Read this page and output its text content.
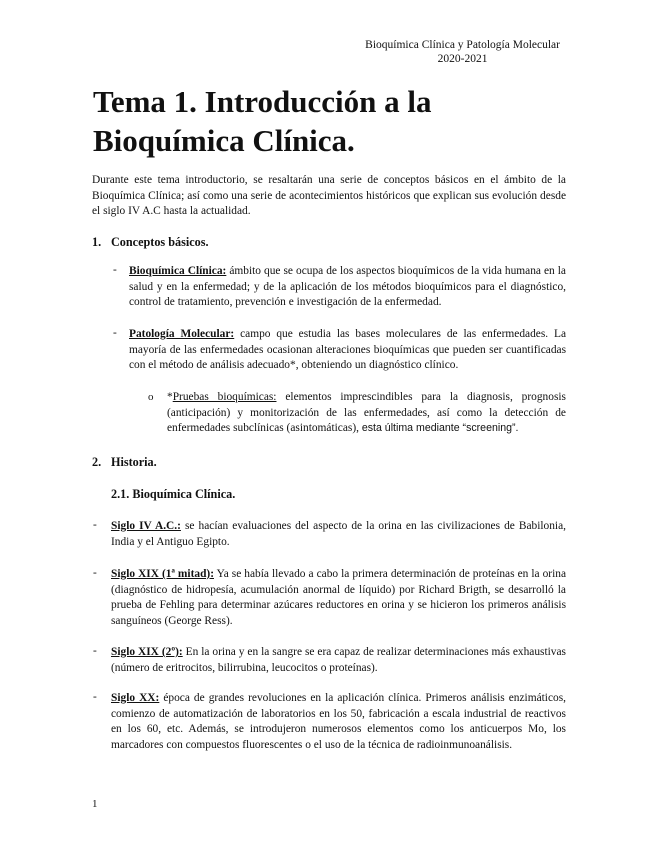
Bioquímica Clínica y Patología Molecular
2020-2021
Tema 1. Introducción a la Bioquímica Clínica.
Durante este tema introductorio, se resaltarán una serie de conceptos básicos en el ámbito de la Bioquímica Clínica; así como una serie de acontecimientos históricos que explican sus evolución desde el siglo IV A.C hasta la actualidad.
1. Conceptos básicos.
- Bioquímica Clínica: ámbito que se ocupa de los aspectos bioquímicos de la vida humana en la salud y en la enfermedad; y de la aplicación de los métodos bioquímicos para el diagnóstico, control de tratamiento, prevención e investigación de la enfermedad.
- Patología Molecular: campo que estudia las bases moleculares de las enfermedades. La mayoría de las enfermedades ocasionan alteraciones bioquímicas que pueden ser cuantificadas con el método de análisis adecuado*, obteniendo un diagnóstico clínico.
o *Pruebas bioquímicas: elementos imprescindibles para la diagnosis, prognosis (anticipación) y monitorización de las enfermedades, así como la detección de enfermedades subclínicas (asintomáticas), esta última mediante “screening”.
2. Historia.
2.1. Bioquímica Clínica.
- Siglo IV A.C.: se hacían evaluaciones del aspecto de la orina en las civilizaciones de Babilonia, India y el Antiguo Egipto.
- Siglo XIX (1ª mitad): Ya se había llevado a cabo la primera determinación de proteínas en la orina (diagnóstico de hidropesía, acumulación anormal de líquido) por Richard Brigth, se desarrolló la prueba de Fehling para determinar azúcares reductores en orina y se hicieron los primeros análisis sanguíneos (George Ress).
- Siglo XIX (2º): En la orina y en la sangre se era capaz de realizar determinaciones más exhaustivas (número de eritrocitos, bilirrubina, leucocitos o proteínas).
- Siglo XX: época de grandes revoluciones en la aplicación clínica. Primeros análisis enzimáticos, comienzo de automatización de laboratorios en los 50, fabricación a escala industrial de reactivos en los 60, etc. Además, se introdujeron numerosos elementos como los anticuerpos Mo, los marcadores con compuestos fluorescentes o el uso de la técnica de radioinmunoanálisis.
1
